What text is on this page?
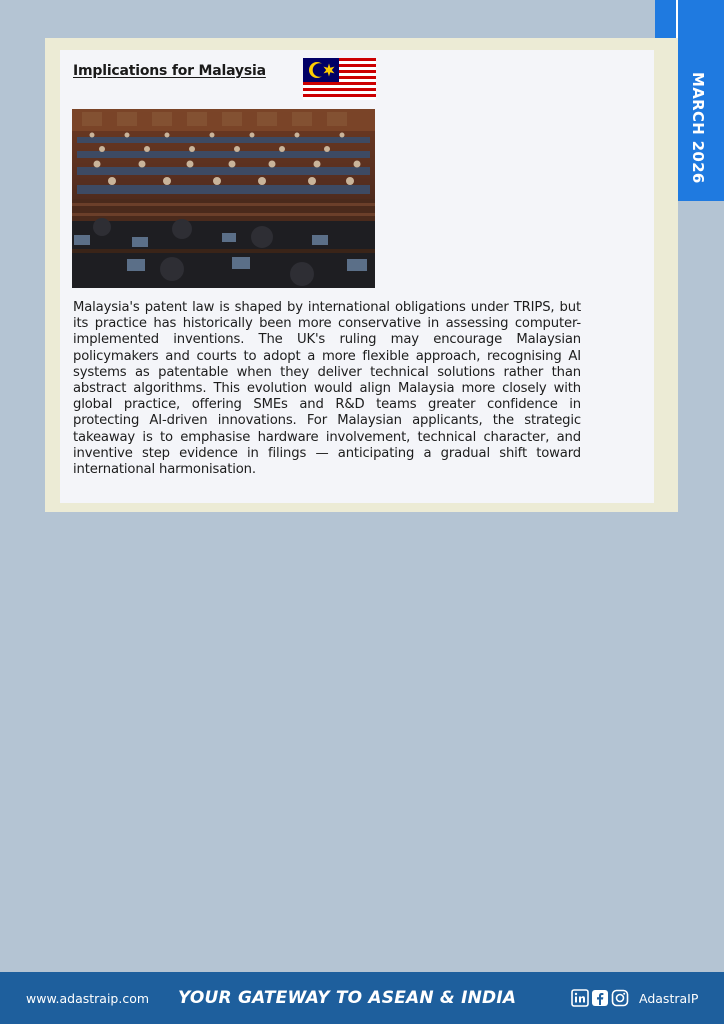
MARCH 2026
Implications for Malaysia
Malaysia's patent law is shaped by international obligations under TRIPS, but its practice has historically been more conservative in assessing computer-implemented inventions. The UK's ruling may encourage Malaysian policymakers and courts to adopt a more flexible approach, recognising AI systems as patentable when they deliver technical solutions rather than abstract algorithms. This evolution would align Malaysia more closely with global practice, offering SMEs and R&D teams greater confidence in protecting AI-driven innovations. For Malaysian applicants, the strategic takeaway is to emphasise hardware involvement, technical character, and inventive step evidence in filings — anticipating a gradual shift toward international harmonisation.
www.adastraip.com YOUR GATEWAY TO ASEAN & INDIA	AdastraIP
